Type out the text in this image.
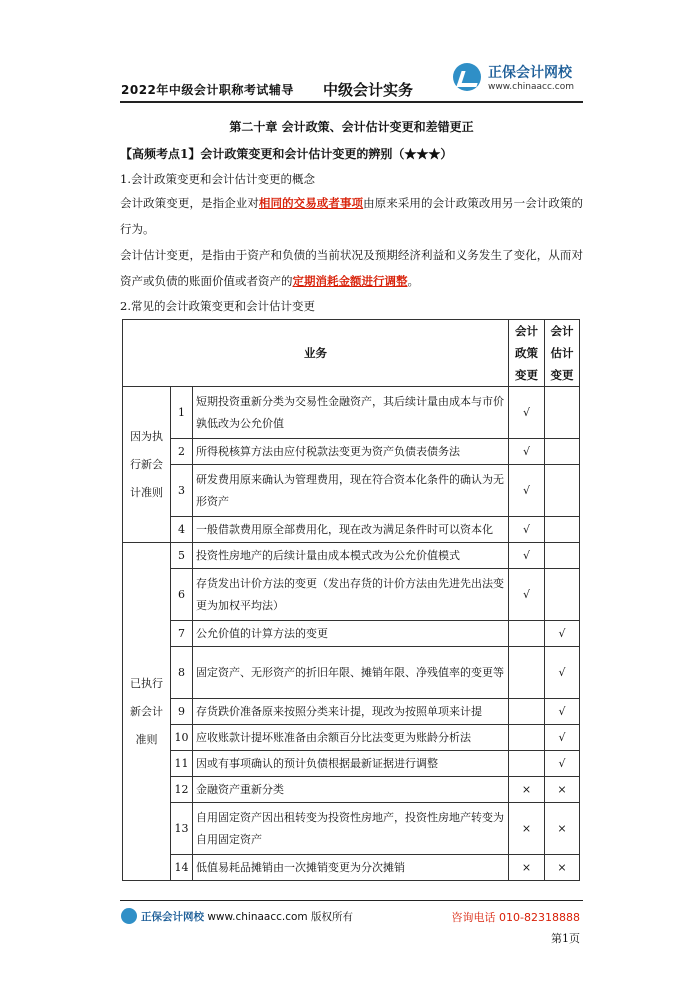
2022年中级会计职称考试辅导 中级会计实务
正保会计网校
www.chinaacc.com
第二十章 会计政策、会计估计变更和差错更正
【高频考点1】会计政策变更和会计估计变更的辨别（★★★）
1.会计政策变更和会计估计变更的概念
会计政策变更，是指企业对相同的交易或者事项由原来采用的会计政策改用另一会计政策的行为。
会计估计变更，是指由于资产和负债的当前状况及预期经济利益和义务发生了变化，从而对资产或负债的账面价值或者资产的定期消耗金额进行调整。
2.常见的会计政策变更和会计估计变更
业务			会计政策变更	会计估计变更
因为执行新会计准则	1	短期投资重新分类为交易性金融资产，其后续计量由成本与市价孰低改为公允价值	√	
	2	所得税核算方法由应付税款法变更为资产负债表债务法	√	
	3	研发费用原来确认为管理费用，现在符合资本化条件的确认为无形资产	√	
	4	一般借款费用原全部费用化，现在改为满足条件时可以资本化	√	
已执行新会计准则	5	投资性房地产的后续计量由成本模式改为公允价值模式	√	
	6	存货发出计价方法的变更（发出存货的计价方法由先进先出法变更为加权平均法）	√	
	7	公允价值的计算方法的变更		√
	8	固定资产、无形资产的折旧年限、摊销年限、净残值率的变更等		√
	9	存货跌价准备原来按照分类来计提，现改为按照单项来计提		√
	10	应收账款计提坏账准备由余额百分比法变更为账龄分析法		√
	11	因或有事项确认的预计负债根据最新证据进行调整		√
	12	金融资产重新分类	×	×
	13	自用固定资产因出租转变为投资性房地产，投资性房地产转变为自用固定资产	×	×
	14	低值易耗品摊销由一次摊销变更为分次摊销	×	×
正保会计网校 www.chinaacc.com 版权所有	咨询电话 010-82318888
第1页
